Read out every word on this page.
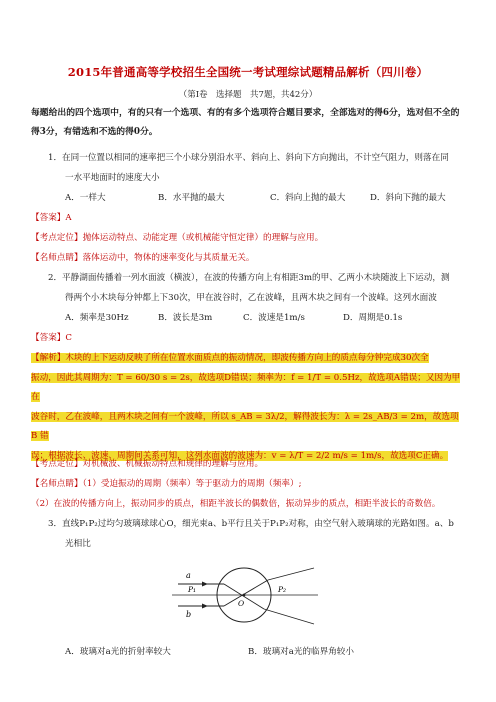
2015年普通高等学校招生全国统一考试理综试题精品解析（四川卷）
（第Ⅰ卷　选择题　共7题，共42分）
每题给出的四个选项中，有的只有一个选项、有的有多个选项符合题目要求，全部选对的得6分，选对但不全的得3分，有错选和不选的得0分。
1．在同一位置以相同的速率把三个小球分别沿水平、斜向上、斜向下方向抛出，不计空气阻力，则落在同
一水平地面时的速度大小
A．一样大	B．水平抛的最大	C．斜向上抛的最大	D．斜向下抛的最大
【答案】A
【考点定位】抛体运动特点、动能定理（或机械能守恒定律）的理解与应用。
【名师点睛】落体运动中，物体的速率变化与其质量无关。
2．平静湖面传播着一列水面波（横波），在波的传播方向上有相距3m的甲、乙两小木块随波上下运动，测
得两个小木块每分钟都上下30次，甲在波谷时，乙在波峰，且两木块之间有一个波峰。这列水面波
A．频率是30Hz	B．波长是3m	C．波速是1m/s	D．周期是0.1s
【答案】C
【解析】木块的上下运动反映了所在位置水面质点的振动情况，即波传播方向上的质点每分钟完成30次全
振动，因此其周期为：T = 60/30 s = 2s，故选项D错误；频率为：f = 1/T = 0.5Hz，故选项A错误；又因为甲在
波谷时，乙在波峰，且两木块之间有一个波峰，所以 s_AB = 3λ/2，解得波长为：λ = 2s_AB/3 = 2m，故选项 B 错
误；根据波长、波速、周期间关系可知，这列水面波的波速为：v = λ/T = 2/2 m/s = 1m/s，故选项C正确。
【考点定位】对机械波、机械振动特点和规律的理解与应用。
【名师点睛】（1）受迫振动的周期（频率）等于驱动力的周期（频率）;
（2）在波的传播方向上，振动同步的质点，相距半波长的偶数倍，振动异步的质点，相距半波长的奇数倍。
3．直线P₁P₂过均匀玻璃球球心O，细光束a、b平行且关于P₁P₂对称，由空气射入玻璃球的光路如图。a、b
光相比
a
b
P₁	P₂
O
A．玻璃对a光的折射率较大	B．玻璃对a光的临界角较小
